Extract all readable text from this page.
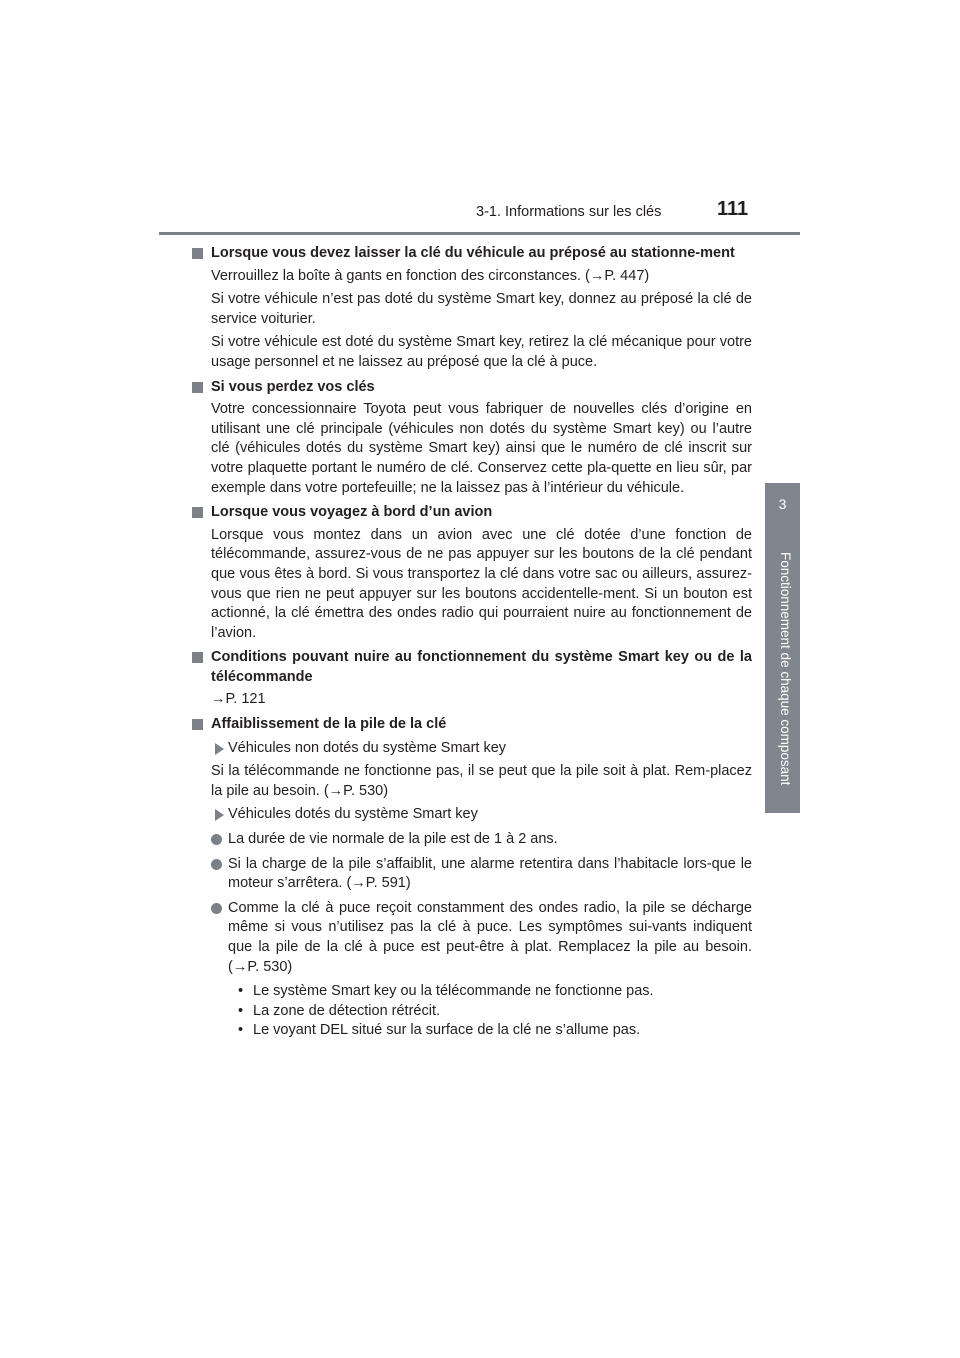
3-1. Informations sur les clés	111
3
Fonctionnement de chaque composant
Lorsque vous devez laisser la clé du véhicule au préposé au stationne-ment
Verrouillez la boîte à gants en fonction des circonstances. (→P. 447)
Si votre véhicule n’est pas doté du système Smart key, donnez au préposé la clé de service voiturier.
Si votre véhicule est doté du système Smart key, retirez la clé mécanique pour votre usage personnel et ne laissez au préposé que la clé à puce.
Si vous perdez vos clés
Votre concessionnaire Toyota peut vous fabriquer de nouvelles clés d’origine en utilisant une clé principale (véhicules non dotés du système Smart key) ou l’autre clé (véhicules dotés du système Smart key) ainsi que le numéro de clé inscrit sur votre plaquette portant le numéro de clé. Conservez cette pla-quette en lieu sûr, par exemple dans votre portefeuille; ne la laissez pas à l’intérieur du véhicule.
Lorsque vous voyagez à bord d’un avion
Lorsque vous montez dans un avion avec une clé dotée d’une fonction de télécommande, assurez-vous de ne pas appuyer sur les boutons de la clé pendant que vous êtes à bord. Si vous transportez la clé dans votre sac ou ailleurs, assurez-vous que rien ne peut appuyer sur les boutons accidentelle-ment. Si un bouton est actionné, la clé émettra des ondes radio qui pourraient nuire au fonctionnement de l’avion.
Conditions pouvant nuire au fonctionnement du système Smart key ou de la télécommande
→P. 121
Affaiblissement de la pile de la clé
Véhicules non dotés du système Smart key
Si la télécommande ne fonctionne pas, il se peut que la pile soit à plat. Rem-placez la pile au besoin. (→P. 530)
Véhicules dotés du système Smart key
La durée de vie normale de la pile est de 1 à 2 ans.
Si la charge de la pile s’affaiblit, une alarme retentira dans l’habitacle lors-que le moteur s’arrêtera. (→P. 591)
Comme la clé à puce reçoit constamment des ondes radio, la pile se décharge même si vous n’utilisez pas la clé à puce. Les symptômes sui-vants indiquent que la pile de la clé à puce est peut-être à plat. Remplacez la pile au besoin. (→P. 530)
• Le système Smart key ou la télécommande ne fonctionne pas.
• La zone de détection rétrécit.
• Le voyant DEL situé sur la surface de la clé ne s’allume pas.
